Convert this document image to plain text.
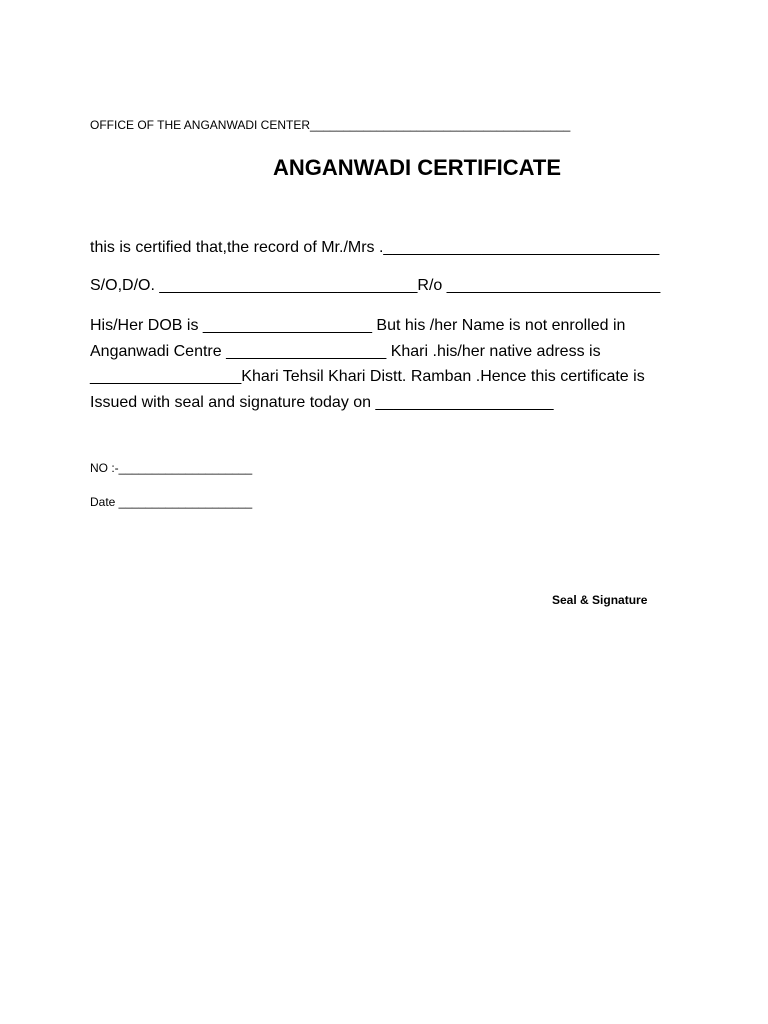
OFFICE OF THE ANGANWADI CENTER_______________________________________
ANGANWADI CERTIFICATE
this is certified that,the record of Mr./Mrs ._______________________________
S/O,D/O. _____________________________R/o ________________________
His/Her DOB is ___________________ But his /her Name is not enrolled in
Anganwadi Centre __________________ Khari .his/her native adress is
_________________Khari Tehsil Khari Distt. Ramban .Hence this certificate is
Issued with seal and signature today on ____________________
NO :-____________________
Date ____________________
Seal & Signature
